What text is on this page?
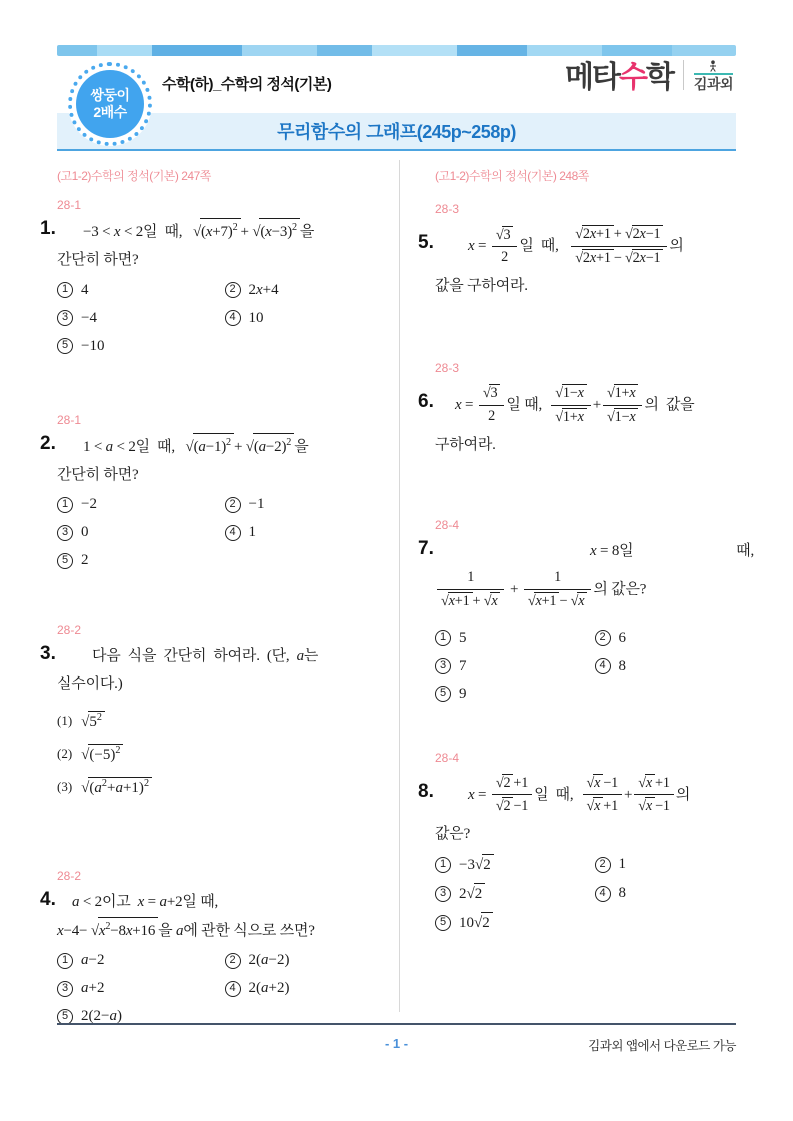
무리함수의 그래프(245p~258p)
쌍둥이
2배수
수학(하)_수학의 정석(기본)	메타수학 김과외
(고1-2)수학의 정석(기본) 247쪽
28-1
1.	−3 < x < 2일  때,   $√(x+7)^2 + √(x-3)^2$ 을
간단히 하면?
1 4	2 2x+4
3 −4	4 10
5 −10
28-1
2.	1 < a < 2일  때,   $√(a-1)^2 + √(a-2)^2$ 을
간단히 하면?
1 −2	2 −1
3 0	4 1
5 2
28-2
3.	다음  식을  간단히  하여라.  (단,  a는
실수이다.)
(1) $√5^2$
(2) $√(-5)^2$
(3) $√(a^2+a+1)^2$
28-2
4.	a < 2이고  x = a+2일 때,
$x-4- √x^2-8x+16$ 을 a에 관한 식으로 쓰면?
1 a−2	2 2(a−2)
3 a+2	4 2(a+2)
5 2(2−a)
(고1-2)수학의 정석(기본) 248쪽
28-3
5.	$x = \frac{√3}{2}$ 일  때, $\frac{√2x+1 + √2x-1}{√2x+1 - √2x-1}$ 의
값을 구하여라.
28-3
6.	$x = \frac{√3}{2}$ 일 때, $\frac{√1-x}{√1+x} + \frac{√1+x}{√1-x}$ 의  값을
구하여라.
28-4
7.	x = 8일	때,
$\frac{1}{√x+1 + √x} + \frac{1}{√x+1 - √x}$ 의 값은?
1 5	2 6
3 7	4 8
5 9
28-4
8.	$x = \frac{√2 +1}{√2 -1}$ 일  때, $\frac{√x -1}{√x +1} + \frac{√x +1}{√x -1}$ 의
값은?
1 −3√2	2 1
3 2√2	4 8
5 10√2
- 1 -	김과외 앱에서 다운로드 가능
